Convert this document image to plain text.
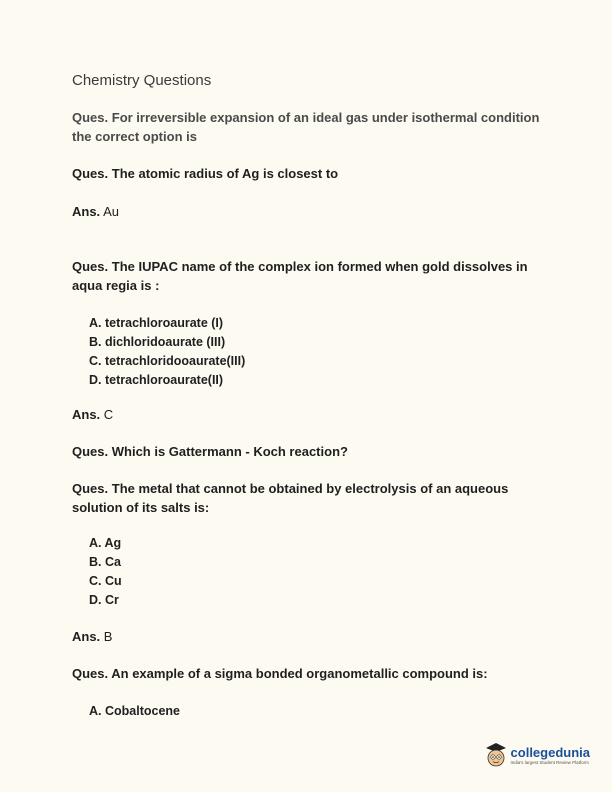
Chemistry Questions
Ques. For irreversible expansion of an ideal gas under isothermal condition the correct option is
Ques. The atomic radius of Ag is closest to
Ans. Au
Ques. The IUPAC name of the complex ion formed when gold dissolves in aqua regia is :
A. tetrachloroaurate (I)
B. dichloridoaurate (III)
C. tetrachloridooaurate(III)
D. tetrachloroaurate(II)
Ans. C
Ques. Which is Gattermann - Koch reaction?
Ques. The metal that cannot be obtained by electrolysis of an aqueous solution of its salts is:
A. Ag
B. Ca
C. Cu
D. Cr
Ans. B
Ques. An example of a sigma bonded organometallic compound is:
A. Cobaltocene
collegedunia
India's largest Student Review Platform
